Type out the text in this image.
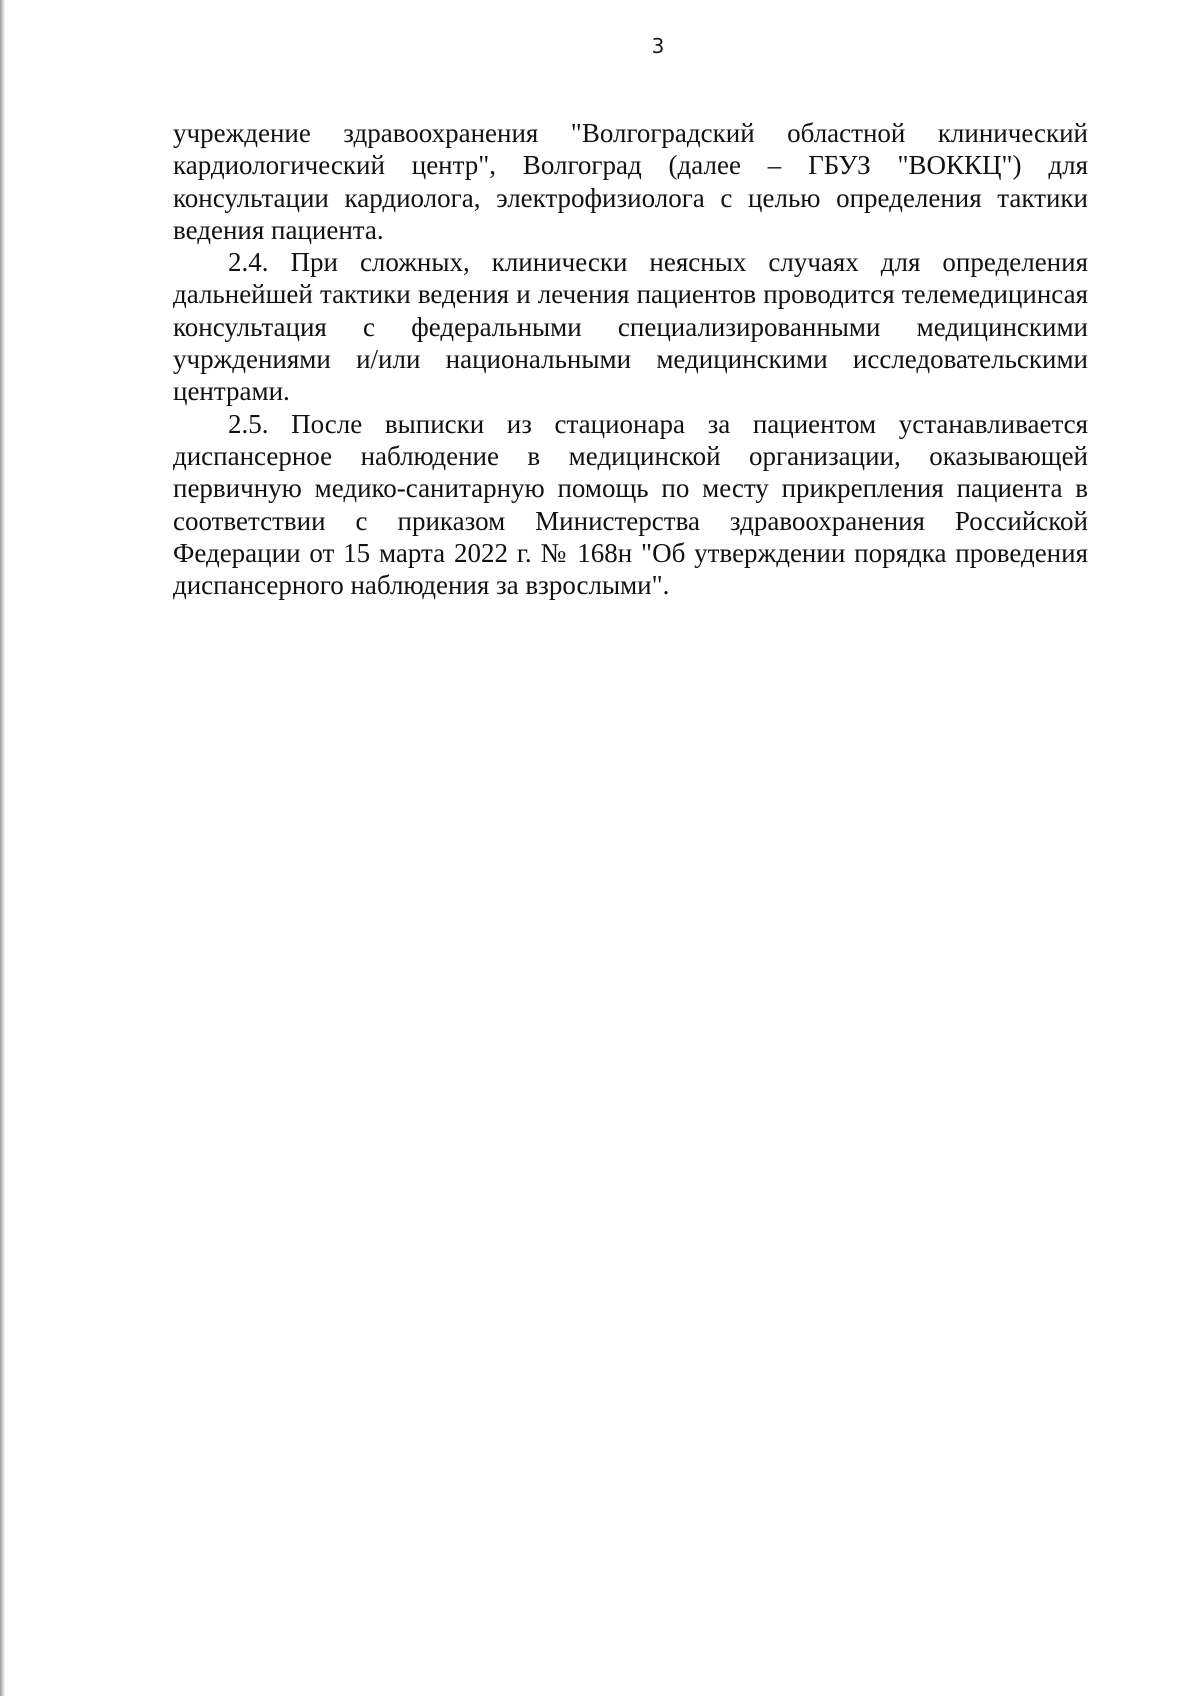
3

учреждение здравоохранения "Волгоградский областной клинический кардиологический центр", Волгоград (далее – ГБУЗ "ВОККЦ") для консультации кардиолога, электрофизиолога с целью определения тактики ведения пациента.

2.4. При сложных, клинически неясных случаях для определения дальнейшей тактики ведения и лечения пациентов проводится телемедицинсая консультация с федеральными специализированными медицинскими учрждениями и/или национальными медицинскими исследовательскими центрами.

2.5. После выписки из стационара за пациентом устанавливается диспансерное наблюдение в медицинской организации, оказывающей первичную медико-санитарную помощь по месту прикрепления пациента в соответствии с приказом Министерства здравоохранения Российской Федерации от 15 марта 2022 г. № 168н "Об утверждении порядка проведения диспансерного наблюдения за взрослыми".
